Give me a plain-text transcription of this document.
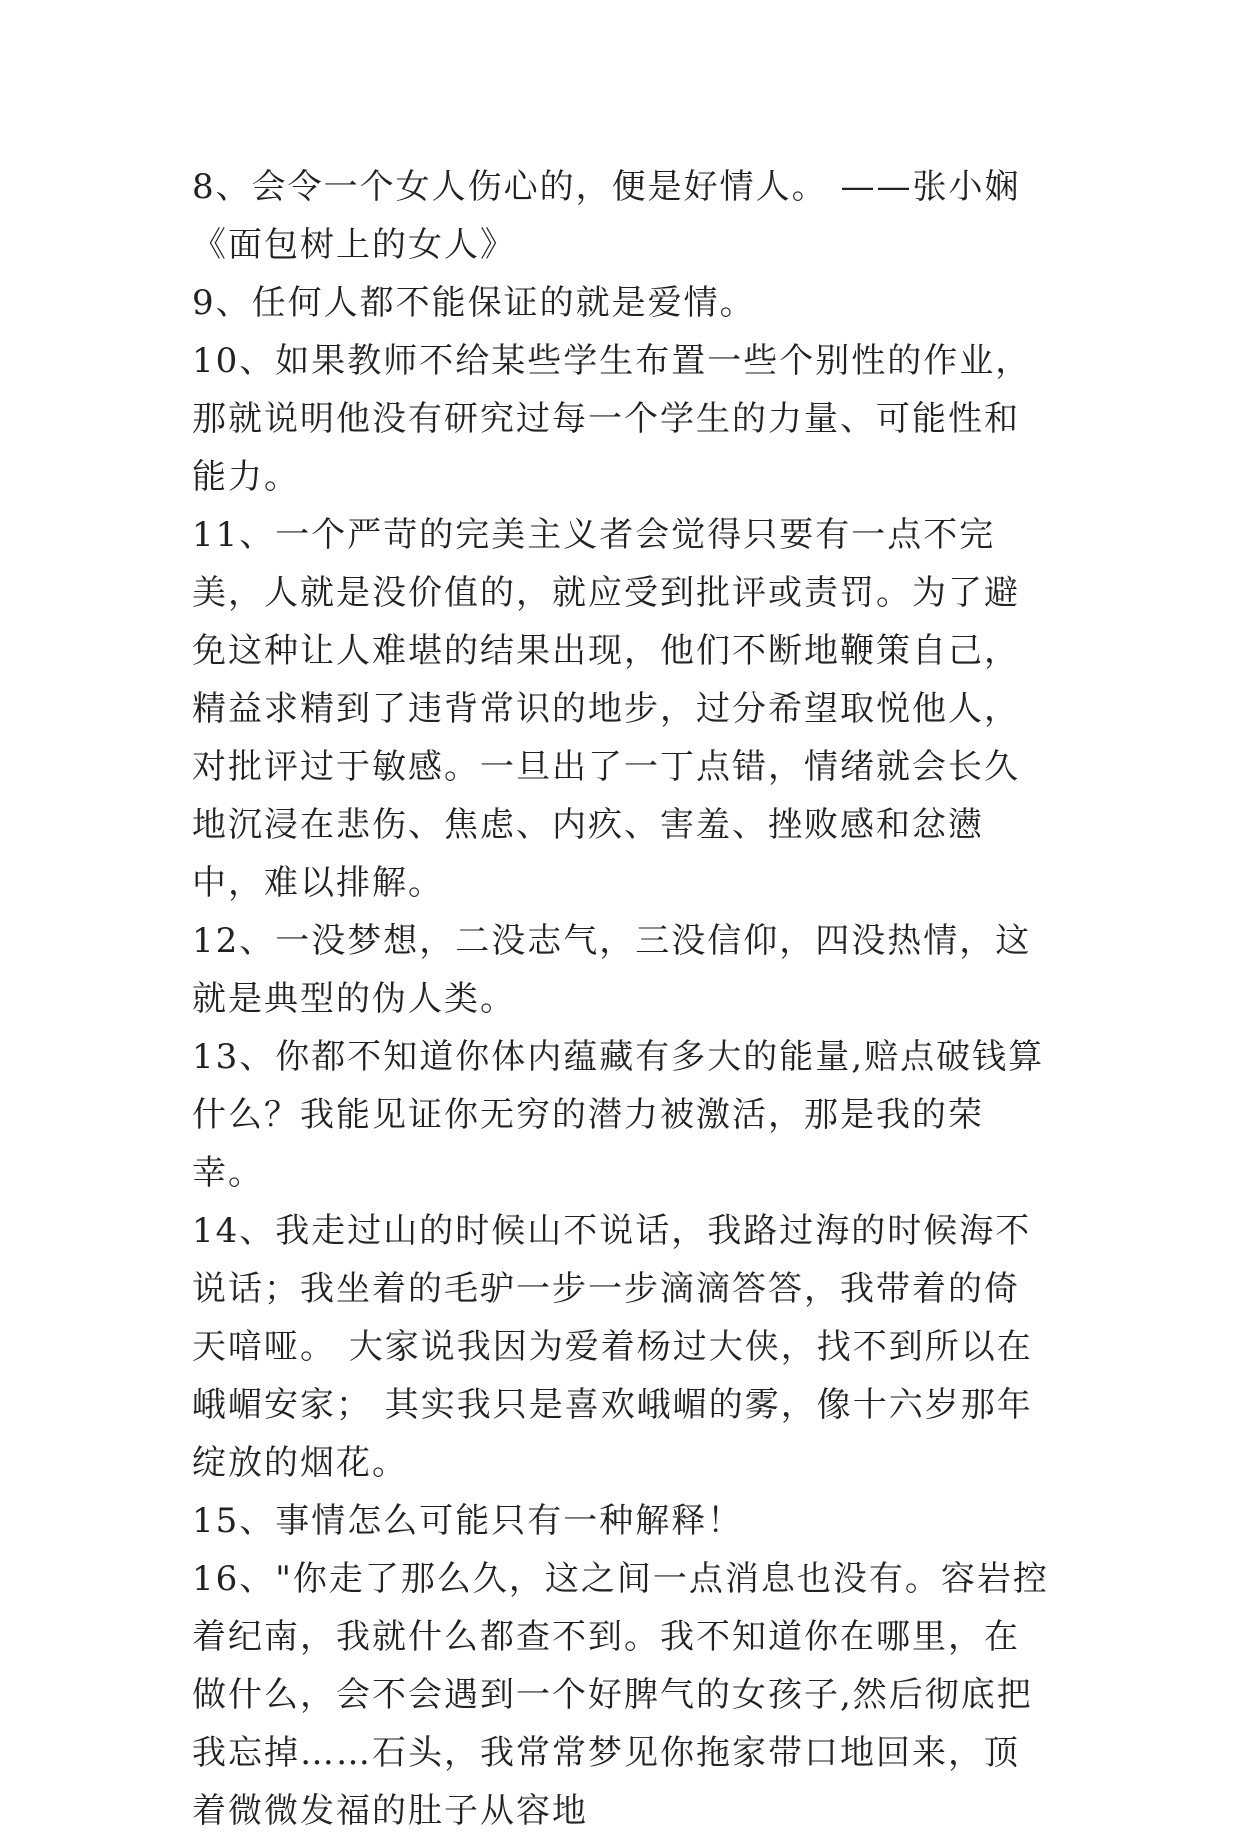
8、会令一个女人伤心的，便是好情人。 ——张小娴 《面包树上的女人》

9、任何人都不能保证的就是爱情。

10、如果教师不给某些学生布置一些个别性的作业，那就说明他没有研究过每一个学生的力量、可能性和能力。

11、一个严苛的完美主义者会觉得只要有一点不完美，人就是没价值的，就应受到批评或责罚。为了避免这种让人难堪的结果出现，他们不断地鞭策自己，精益求精到了违背常识的地步，过分希望取悦他人，对批评过于敏感。一旦出了一丁点错，情绪就会长久地沉浸在悲伤、焦虑、内疚、害羞、挫败感和忿懑中，难以排解。

12、一没梦想，二没志气，三没信仰，四没热情，这就是典型的伪人类。

13、你都不知道你体内蕴藏有多大的能量,赔点破钱算什么？我能见证你无穷的潜力被激活，那是我的荣幸。

14、我走过山的时候山不说话，我路过海的时候海不说话；我坐着的毛驴一步一步滴滴答答，我带着的倚天喑哑。 大家说我因为爱着杨过大侠，找不到所以在峨嵋安家； 其实我只是喜欢峨嵋的雾，像十六岁那年绽放的烟花。

15、事情怎么可能只有一种解释！

16、"你走了那么久，这之间一点消息也没有。容岩控着纪南，我就什么都查不到。我不知道你在哪里，在做什么，会不会遇到一个好脾气的女孩子,然后彻底把我忘掉……石头，我常常梦见你拖家带口地回来，顶着微微发福的肚子从容地
